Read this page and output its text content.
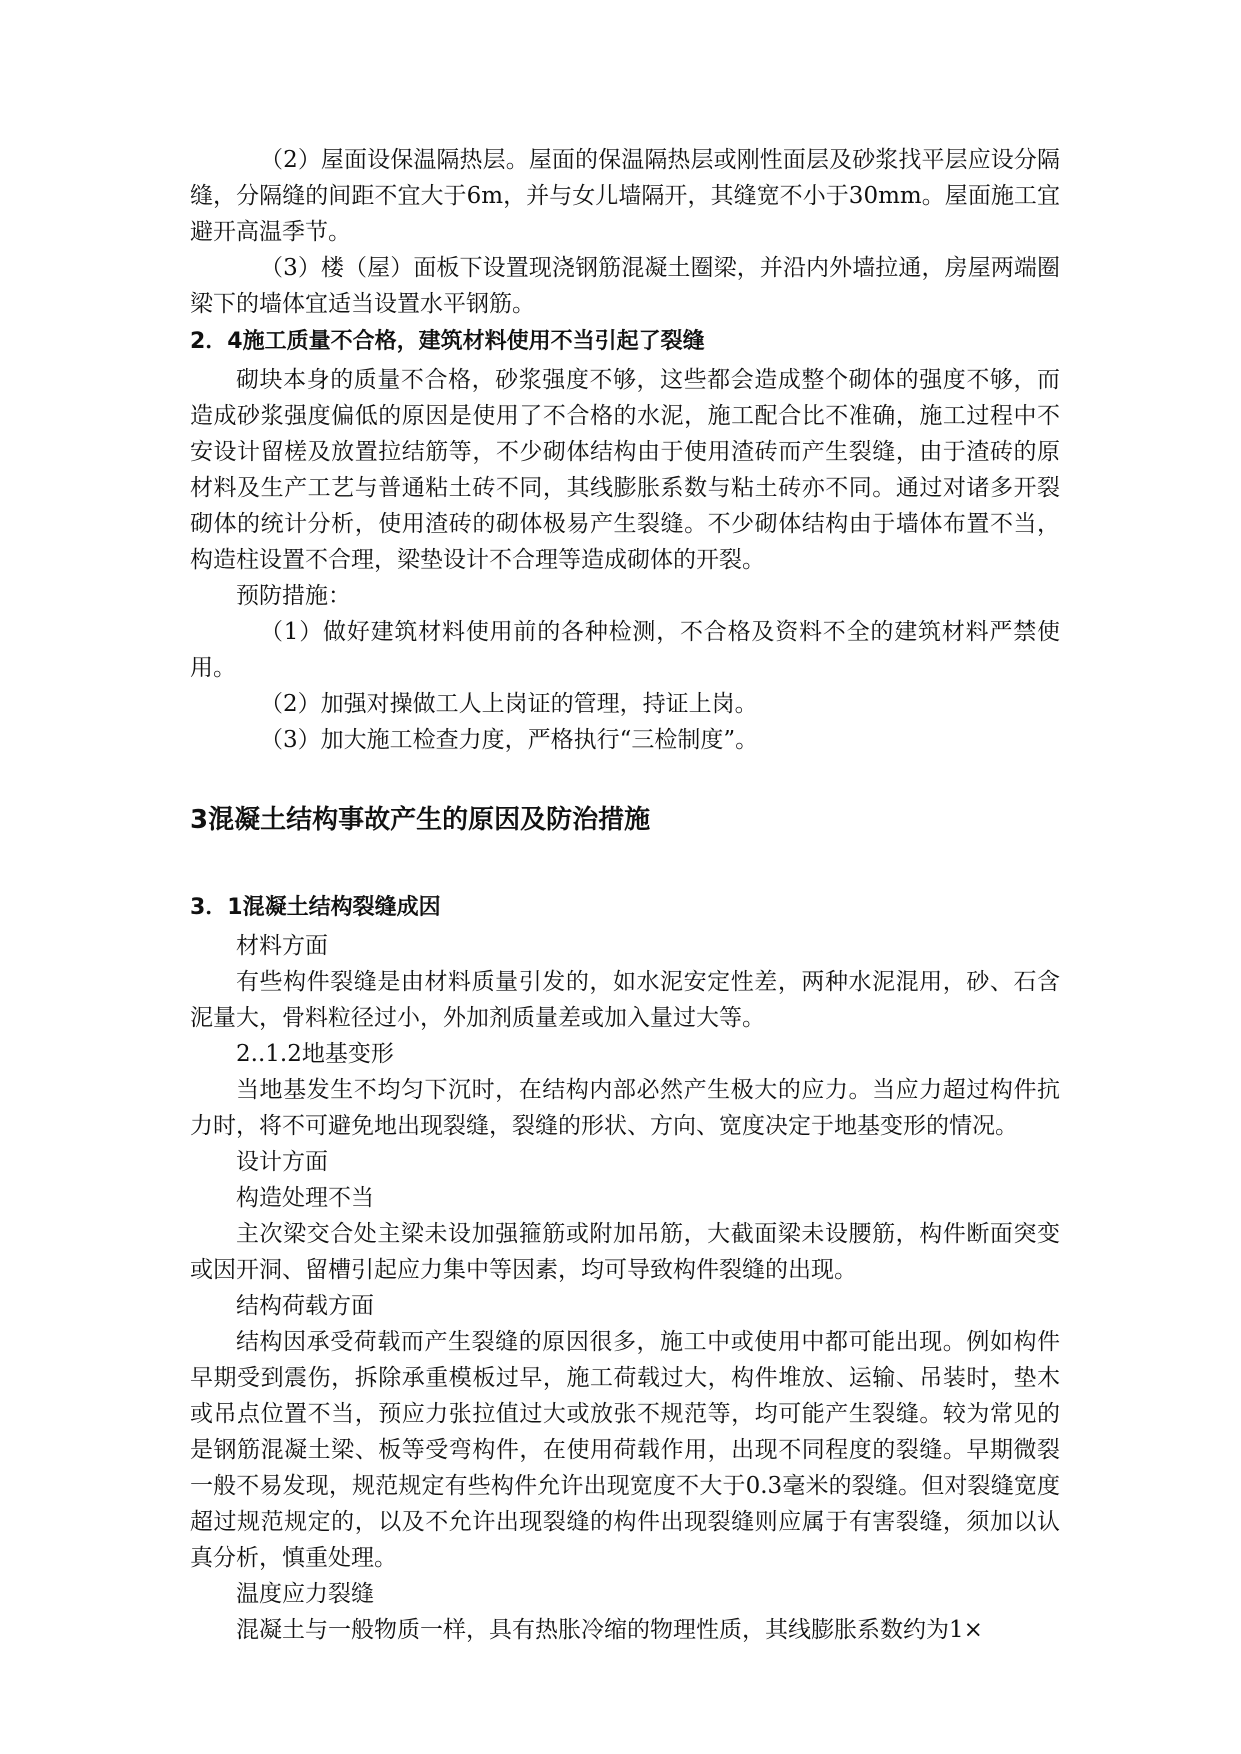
（2）屋面设保温隔热层。屋面的保温隔热层或刚性面层及砂浆找平层应设分隔缝，分隔缝的间距不宜大于6m，并与女儿墙隔开，其缝宽不小于30mm。屋面施工宜避开高温季节。

（3）楼（屋）面板下设置现浇钢筋混凝土圈梁，并沿内外墙拉通，房屋两端圈梁下的墙体宜适当设置水平钢筋。

2．4施工质量不合格，建筑材料使用不当引起了裂缝

砌块本身的质量不合格，砂浆强度不够，这些都会造成整个砌体的强度不够，而造成砂浆强度偏低的原因是使用了不合格的水泥，施工配合比不准确，施工过程中不安设计留槎及放置拉结筋等，不少砌体结构由于使用渣砖而产生裂缝，由于渣砖的原材料及生产工艺与普通粘土砖不同，其线膨胀系数与粘土砖亦不同。通过对诸多开裂砌体的统计分析，使用渣砖的砌体极易产生裂缝。不少砌体结构由于墙体布置不当，构造柱设置不合理，梁垫设计不合理等造成砌体的开裂。

预防措施：

（1）做好建筑材料使用前的各种检测，不合格及资料不全的建筑材料严禁使用。

（2）加强对操做工人上岗证的管理，持证上岗。

（3）加大施工检查力度，严格执行“三检制度”。

3混凝土结构事故产生的原因及防治措施
3．1混凝土结构裂缝成因

材料方面

有些构件裂缝是由材料质量引发的，如水泥安定性差，两种水泥混用，砂、石含泥量大，骨料粒径过小，外加剂质量差或加入量过大等。

2..1.2地基变形

当地基发生不均匀下沉时，在结构内部必然产生极大的应力。当应力超过构件抗力时，将不可避免地出现裂缝，裂缝的形状、方向、宽度决定于地基变形的情况。

设计方面

构造处理不当

主次梁交合处主梁未设加强箍筋或附加吊筋，大截面梁未设腰筋，构件断面突变或因开洞、留槽引起应力集中等因素，均可导致构件裂缝的出现。

结构荷载方面

结构因承受荷载而产生裂缝的原因很多，施工中或使用中都可能出现。例如构件早期受到震伤，拆除承重模板过早，施工荷载过大，构件堆放、运输、吊装时，垫木或吊点位置不当，预应力张拉值过大或放张不规范等，均可能产生裂缝。较为常见的是钢筋混凝土梁、板等受弯构件，在使用荷载作用，出现不同程度的裂缝。早期微裂一般不易发现，规范规定有些构件允许出现宽度不大于0.3毫米的裂缝。但对裂缝宽度超过规范规定的，以及不允许出现裂缝的构件出现裂缝则应属于有害裂缝，须加以认真分析，慎重处理。

温度应力裂缝

混凝土与一般物质一样，具有热胀冷缩的物理性质，其线膨胀系数约为1×
